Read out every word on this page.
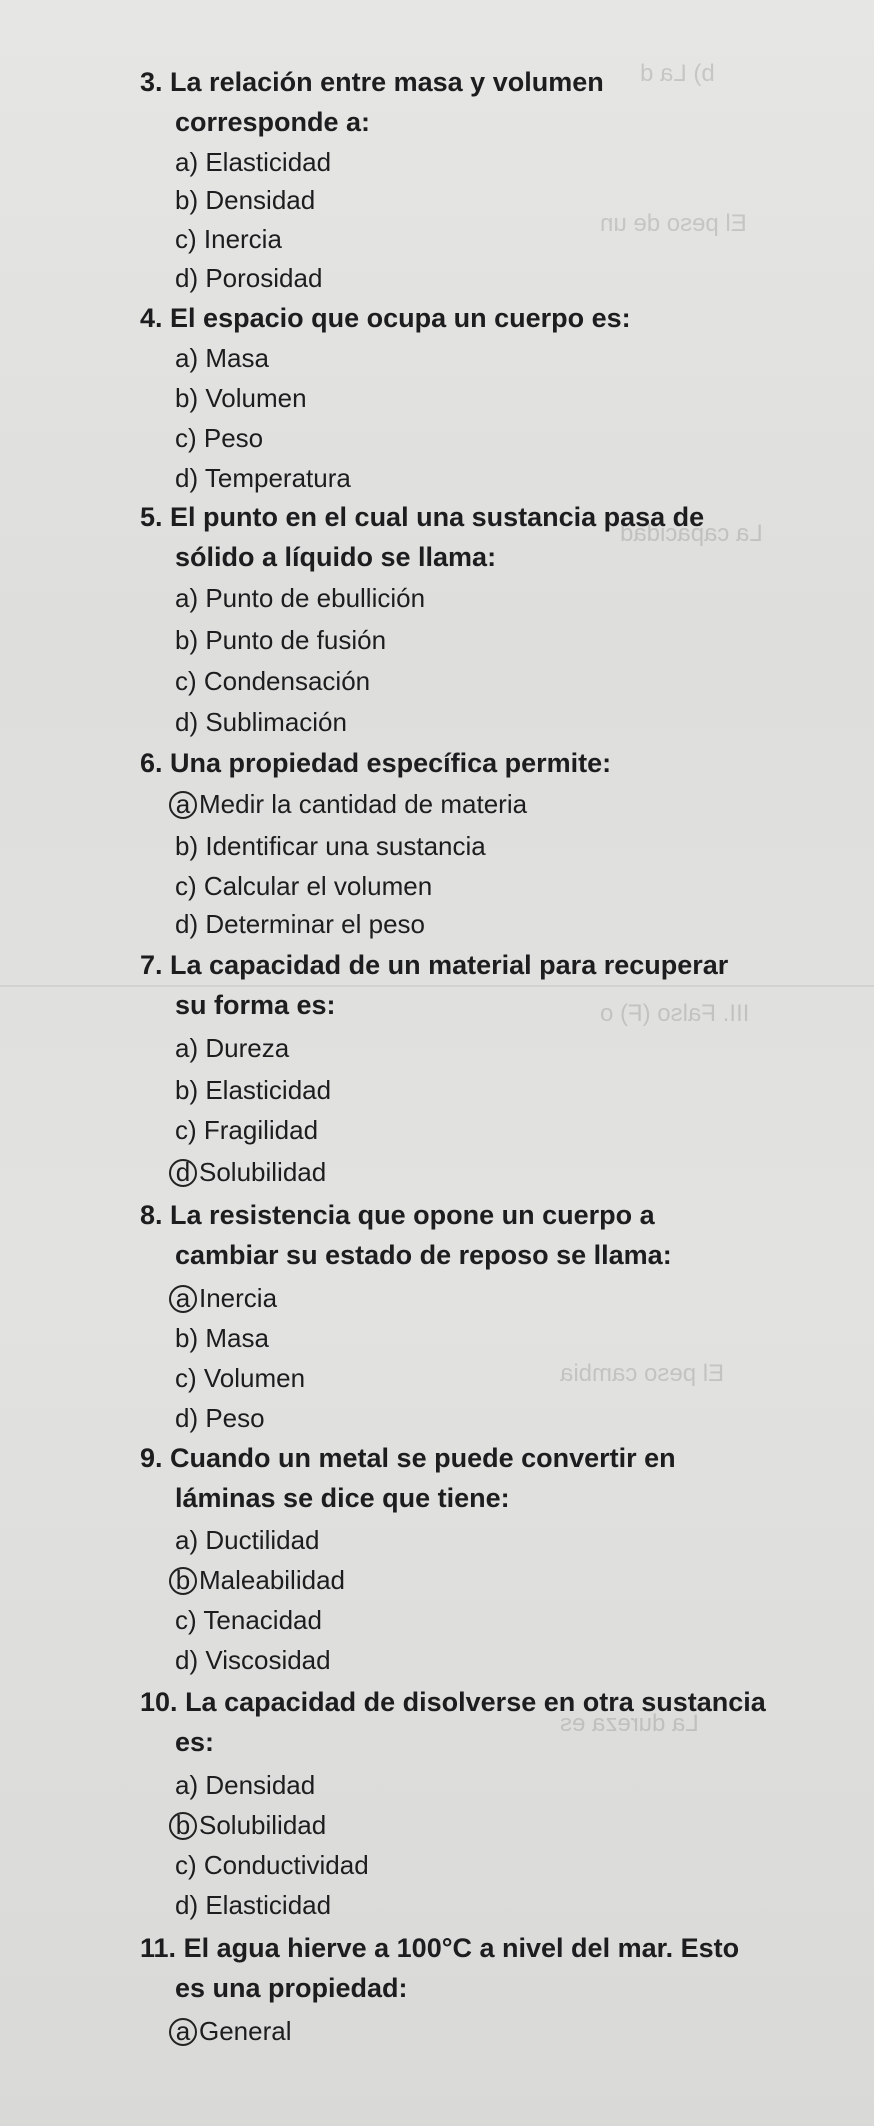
b) La d
El peso de un
La capacidad
III. Falso (F) o
El peso cambia
La dureza es
3. La relación entre masa y volumen
corresponde a:
a) Elasticidad
b) Densidad
c) Inercia
d) Porosidad
4. El espacio que ocupa un cuerpo es:
a) Masa
b) Volumen
c) Peso
d) Temperatura
5. El punto en el cual una sustancia pasa de
sólido a líquido se llama:
a) Punto de ebullición
b) Punto de fusión
c) Condensación
d) Sublimación
6. Una propiedad específica permite:
a Medir la cantidad de materia
b) Identificar una sustancia
c) Calcular el volumen
d) Determinar el peso
7. La capacidad de un material para recuperar
su forma es:
a) Dureza
b) Elasticidad
c) Fragilidad
d Solubilidad
8. La resistencia que opone un cuerpo a
cambiar su estado de reposo se llama:
a Inercia
b) Masa
c) Volumen
d) Peso
9. Cuando un metal se puede convertir en
láminas se dice que tiene:
a) Ductilidad
b Maleabilidad
c) Tenacidad
d) Viscosidad
10. La capacidad de disolverse en otra sustancia
es:
a) Densidad
b Solubilidad
c) Conductividad
d) Elasticidad
11. El agua hierve a 100°C a nivel del mar. Esto
es una propiedad:
a General
